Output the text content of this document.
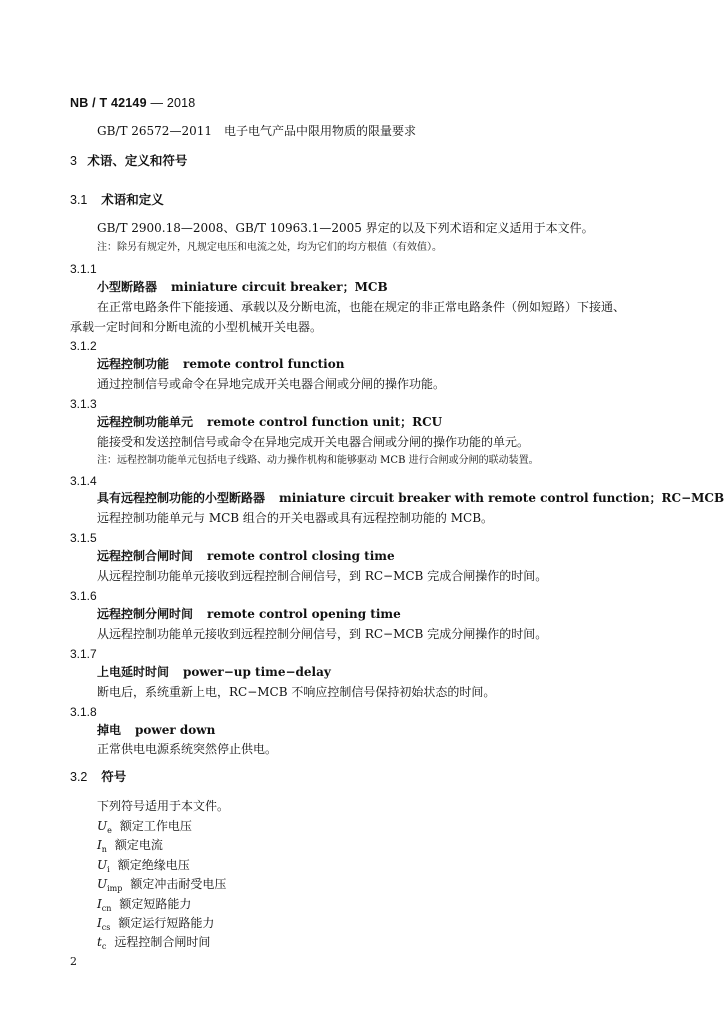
NB / T 42149 — 2018
GB/T 26572—2011　电子电气产品中限用物质的限量要求
3 术语、定义和符号
3.1 术语和定义
GB/T 2900.18—2008、GB/T 10963.1—2005 界定的以及下列术语和定义适用于本文件。
注：除另有规定外，凡规定电压和电流之处，均为它们的均方根值（有效值）。
3.1.1
小型断路器 miniature circuit breaker；MCB
在正常电路条件下能接通、承载以及分断电流，也能在规定的非正常电路条件（例如短路）下接通、
承载一定时间和分断电流的小型机械开关电器。
3.1.2
远程控制功能 remote control function
通过控制信号或命令在异地完成开关电器合闸或分闸的操作功能。
3.1.3
远程控制功能单元 remote control function unit；RCU
能接受和发送控制信号或命令在异地完成开关电器合闸或分闸的操作功能的单元。
注：远程控制功能单元包括电子线路、动力操作机构和能够驱动 MCB 进行合闸或分闸的联动装置。
3.1.4
具有远程控制功能的小型断路器 miniature circuit breaker with remote control function；RC−MCB
远程控制功能单元与 MCB 组合的开关电器或具有远程控制功能的 MCB。
3.1.5
远程控制合闸时间 remote control closing time
从远程控制功能单元接收到远程控制合闸信号，到 RC−MCB 完成合闸操作的时间。
3.1.6
远程控制分闸时间 remote control opening time
从远程控制功能单元接收到远程控制分闸信号，到 RC−MCB 完成分闸操作的时间。
3.1.7
上电延时时间 power−up time−delay
断电后，系统重新上电，RC−MCB 不响应控制信号保持初始状态的时间。
3.1.8
掉电 power down
正常供电电源系统突然停止供电。
3.2 符号
下列符号适用于本文件。
$U_e$ 额定工作电压
$I_n$ 额定电流
$U_i$ 额定绝缘电压
$U_{imp}$ 额定冲击耐受电压
$I_{cn}$ 额定短路能力
$I_{cs}$ 额定运行短路能力
$t_c$ 远程控制合闸时间
2
